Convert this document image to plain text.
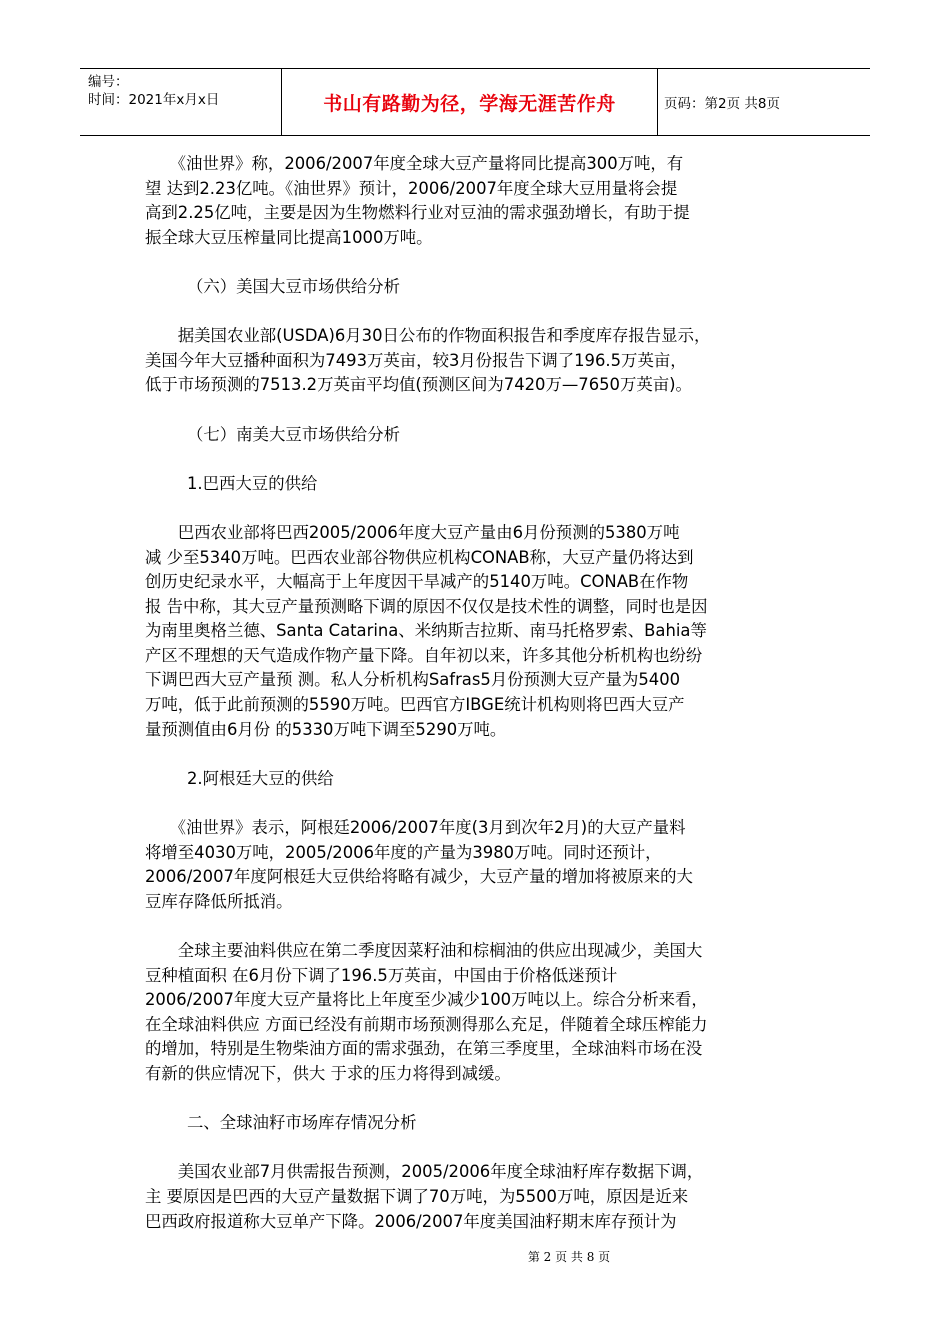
编号：
时间：2021年x月x日	书山有路勤为径，学海无涯苦作舟	页码：第2页 共8页
　　《油世界》称，2006/2007年度全球大豆产量将同比提高300万吨，有
望 达到2.23亿吨。《油世界》预计，2006/2007年度全球大豆用量将会提
高到2.25亿吨，主要是因为生物燃料行业对豆油的需求强劲增长，有助于提
振全球大豆压榨量同比提高1000万吨。
（六）美国大豆市场供给分析
　　据美国农业部(USDA)6月30日公布的作物面积报告和季度库存报告显示，
美国今年大豆播种面积为7493万英亩，较3月份报告下调了196.5万英亩，
低于市场预测的7513.2万英亩平均值(预测区间为7420万—7650万英亩)。
（七）南美大豆市场供给分析
1.巴西大豆的供给
　　巴西农业部将巴西2005/2006年度大豆产量由6月份预测的5380万吨
减 少至5340万吨。巴西农业部谷物供应机构CONAB称，大豆产量仍将达到
创历史纪录水平，大幅高于上年度因干旱减产的5140万吨。CONAB在作物
报 告中称，其大豆产量预测略下调的原因不仅仅是技术性的调整，同时也是因
为南里奥格兰德、Santa Catarina、米纳斯吉拉斯、南马托格罗索、Bahia等
产区不理想的天气造成作物产量下降。自年初以来，许多其他分析机构也纷纷
下调巴西大豆产量预 测。私人分析机构Safras5月份预测大豆产量为5400
万吨，低于此前预测的5590万吨。巴西官方IBGE统计机构则将巴西大豆产
量预测值由6月份 的5330万吨下调至5290万吨。
2.阿根廷大豆的供给
　　《油世界》表示，阿根廷2006/2007年度(3月到次年2月)的大豆产量料
将增至4030万吨，2005/2006年度的产量为3980万吨。同时还预计，
2006/2007年度阿根廷大豆供给将略有减少，大豆产量的增加将被原来的大
豆库存降低所抵消。
　　全球主要油料供应在第二季度因菜籽油和棕榈油的供应出现减少，美国大
豆种植面积 在6月份下调了196.5万英亩，中国由于价格低迷预计
2006/2007年度大豆产量将比上年度至少减少100万吨以上。综合分析来看，
在全球油料供应 方面已经没有前期市场预测得那么充足，伴随着全球压榨能力
的增加，特别是生物柴油方面的需求强劲，在第三季度里，全球油料市场在没
有新的供应情况下，供大 于求的压力将得到减缓。
二、全球油籽市场库存情况分析
　　美国农业部7月供需报告预测，2005/2006年度全球油籽库存数据下调，
主 要原因是巴西的大豆产量数据下调了70万吨，为5500万吨，原因是近来
巴西政府报道称大豆单产下降。2006/2007年度美国油籽期末库存预计为
第 2 页 共 8 页
